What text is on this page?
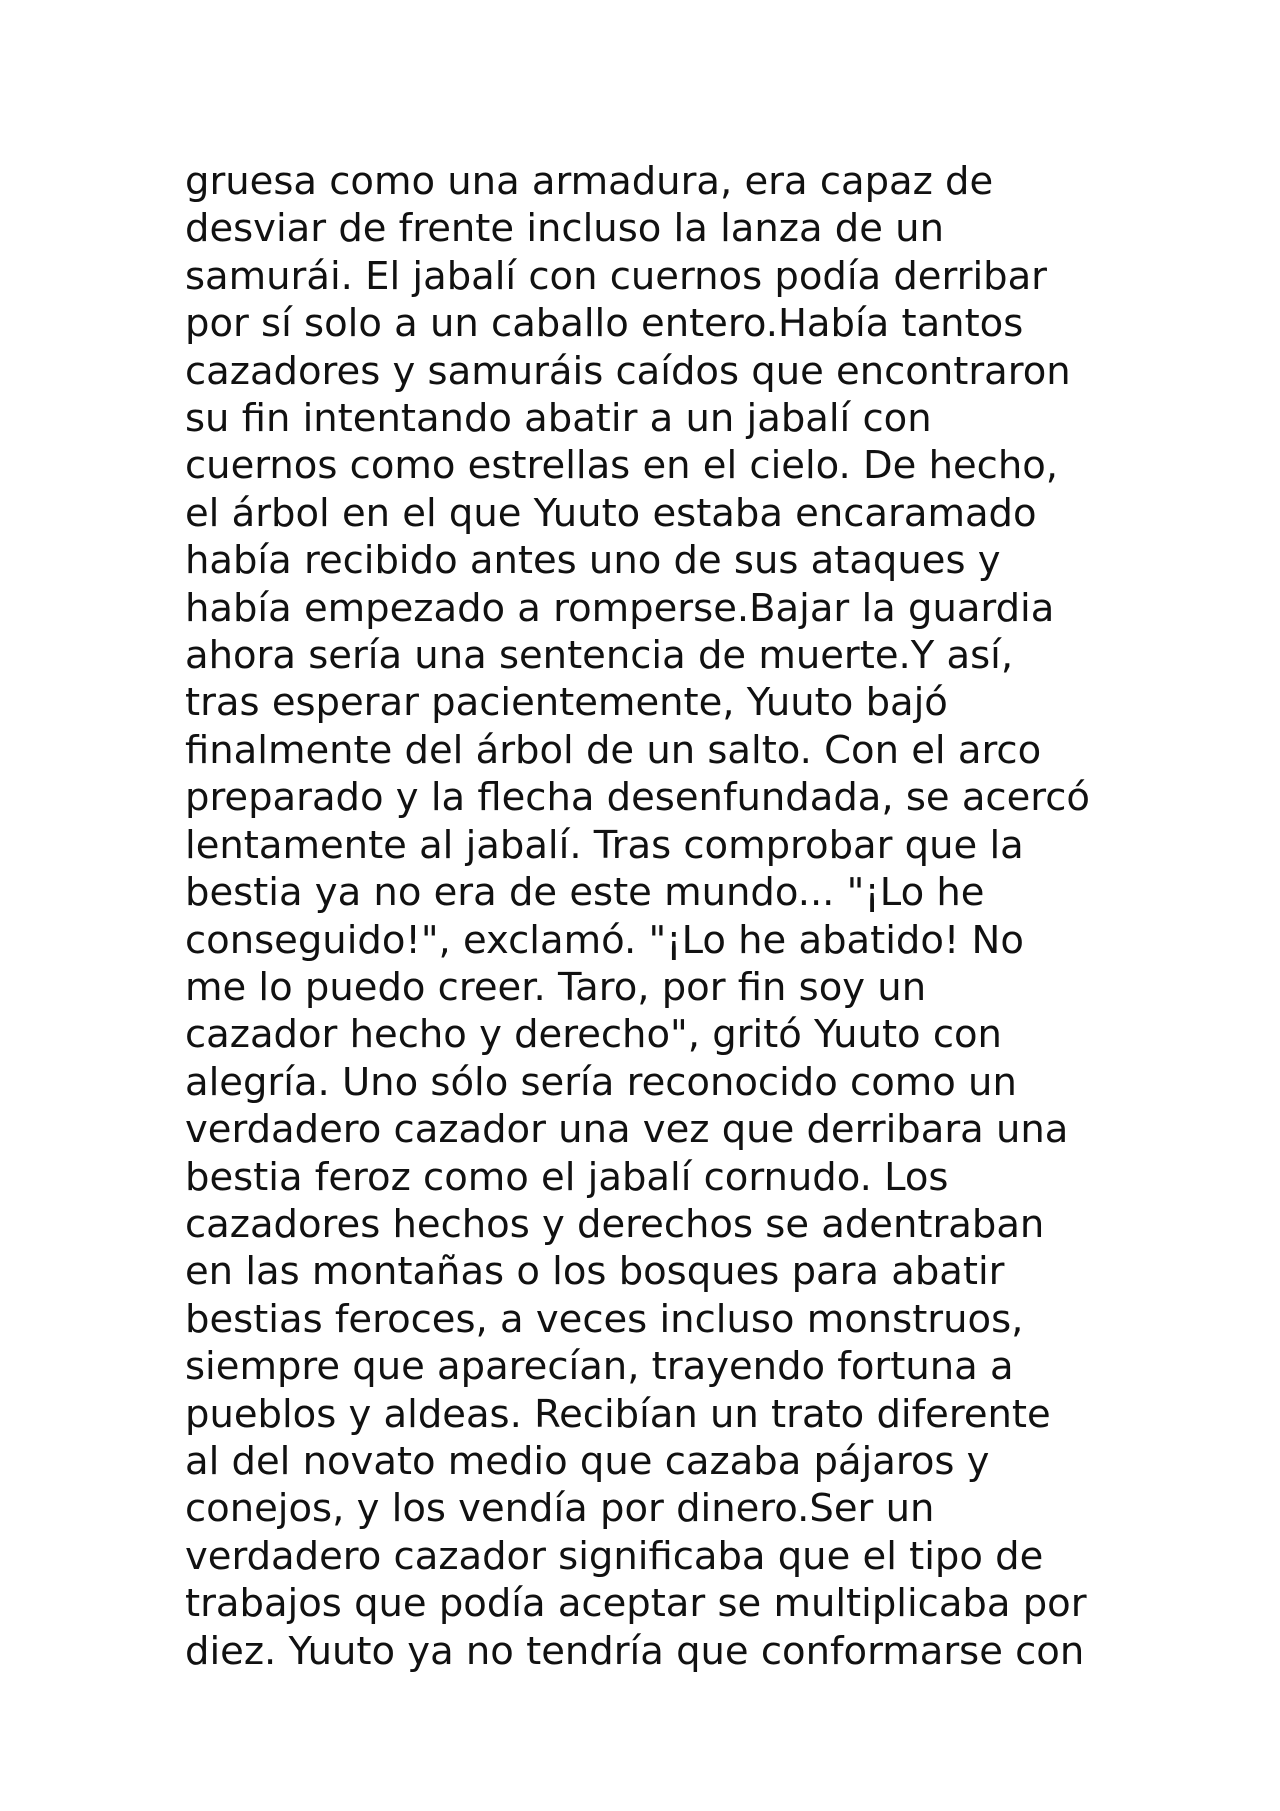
gruesa como una armadura, era capaz de
desviar de frente incluso la lanza de un
samurái. El jabalí con cuernos podía derribar
por sí solo a un caballo entero.Había tantos
cazadores y samuráis caídos que encontraron
su fin intentando abatir a un jabalí con
cuernos como estrellas en el cielo. De hecho,
el árbol en el que Yuuto estaba encaramado
había recibido antes uno de sus ataques y
había empezado a romperse.Bajar la guardia
ahora sería una sentencia de muerte.Y así,
tras esperar pacientemente, Yuuto bajó
finalmente del árbol de un salto. Con el arco
preparado y la flecha desenfundada, se acercó
lentamente al jabalí. Tras comprobar que la
bestia ya no era de este mundo... "¡Lo he
conseguido!", exclamó. "¡Lo he abatido! No
me lo puedo creer. Taro, por fin soy un
cazador hecho y derecho", gritó Yuuto con
alegría. Uno sólo sería reconocido como un
verdadero cazador una vez que derribara una
bestia feroz como el jabalí cornudo. Los
cazadores hechos y derechos se adentraban
en las montañas o los bosques para abatir
bestias feroces, a veces incluso monstruos,
siempre que aparecían, trayendo fortuna a
pueblos y aldeas. Recibían un trato diferente
al del novato medio que cazaba pájaros y
conejos, y los vendía por dinero.Ser un
verdadero cazador significaba que el tipo de
trabajos que podía aceptar se multiplicaba por
diez. Yuuto ya no tendría que conformarse con
